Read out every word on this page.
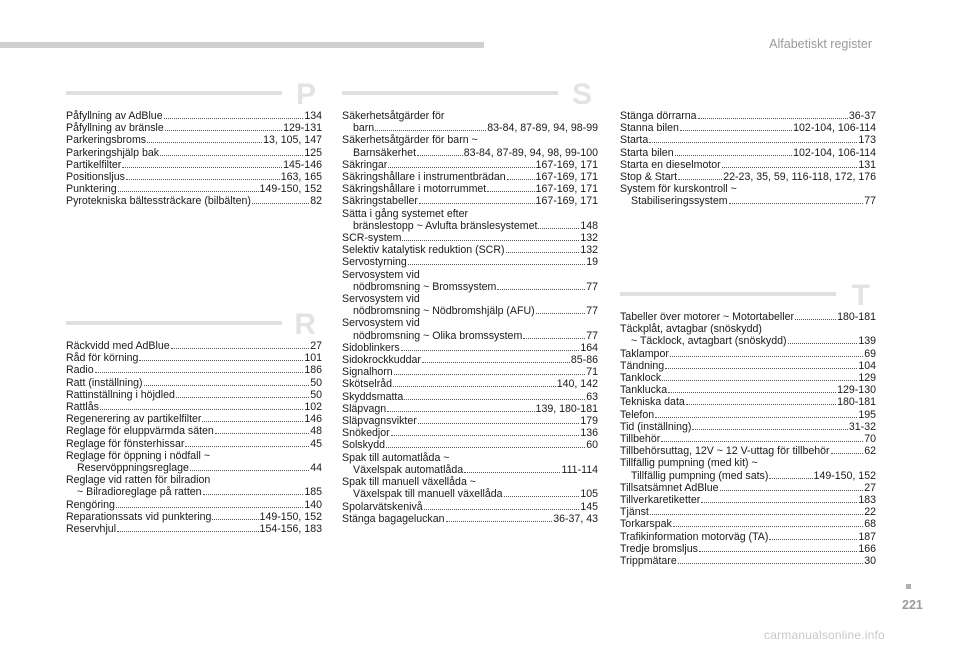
Alfabetiskt register
P
Påfyllning av AdBlue	134
Påfyllning av bränsle	129-131
Parkeringsbroms	13, 105, 147
Parkeringshjälp bak	125
Partikelfilter	145-146
Positionsljus	163, 165
Punktering	149-150, 152
Pyrotekniska bältessträckare (bilbälten)	82
R
Räckvidd med AdBlue	27
Råd för körning	101
Radio	186
Ratt (inställning)	50
Rattinställning i höjdled	50
Rattlås	102
Regenerering av partikelfilter	146
Reglage för eluppvärmda säten	48
Reglage för fönsterhissar	45
Reglage för öppning i nödfall ~
Reservöppningsreglage	44
Reglage vid ratten för bilradion
~ Bilradioreglage på ratten	185
Rengöring	140
Reparationssats vid punktering	149-150, 152
Reservhjul	154-156, 183
S
Säkerhetsåtgärder för
barn	83-84, 87-89, 94, 98-99
Säkerhetsåtgärder för barn ~
Barnsäkerhet	83-84, 87-89, 94, 98, 99-100
Säkringar	167-169, 171
Säkringshållare i instrumentbrädan	167-169, 171
Säkringshållare i motorrummet	167-169, 171
Säkringstabeller	167-169, 171
Sätta i gång systemet efter
bränslestopp ~ Avlufta bränslesystemet	148
SCR-system	132
Selektiv katalytisk reduktion (SCR)	132
Servostyrning	19
Servosystem vid
nödbromsning ~ Bromssystem	77
Servosystem vid
nödbromsning ~ Nödbromshjälp (AFU)	77
Servosystem vid
nödbromsning ~ Olika bromssystem	77
Sidoblinkers	164
Sidokrockkuddar	85-86
Signalhorn	71
Skötselråd	140, 142
Skyddsmatta	63
Släpvagn	139, 180-181
Släpvagnsvikter	179
Snökedjor	136
Solskydd	60
Spak till automatlåda ~
Växelspak automatlåda	111-114
Spak till manuell växellåda ~
Växelspak till manuell växellåda	105
Spolarvätskenivå	145
Stänga bagageluckan	36-37, 43
Stänga dörrarna	36-37
Stanna bilen	102-104, 106-114
Starta	173
Starta bilen	102-104, 106-114
Starta en dieselmotor	131
Stop & Start	22-23, 35, 59, 116-118, 172, 176
System för kurskontroll ~
Stabiliseringssystem	77
T
Tabeller över motorer ~ Motortabeller	180-181
Täckplåt, avtagbar (snöskydd)
~ Täcklock, avtagbart (snöskydd)	139
Taklampor	69
Tändning	104
Tanklock	129
Tanklucka	129-130
Tekniska data	180-181
Telefon	195
Tid (inställning)	31-32
Tillbehör	70
Tillbehörsuttag, 12V ~ 12 V-uttag för tillbehör	62
Tillfällig pumpning (med kit) ~
Tillfällig pumpning (med sats)	149-150, 152
Tillsatsämnet AdBlue	27
Tillverkaretiketter	183
Tjänst	22
Torkarspak	68
Trafikinformation motorväg (TA)	187
Tredje bromsljus	166
Trippmätare	30
221
carmanualsonline.info
